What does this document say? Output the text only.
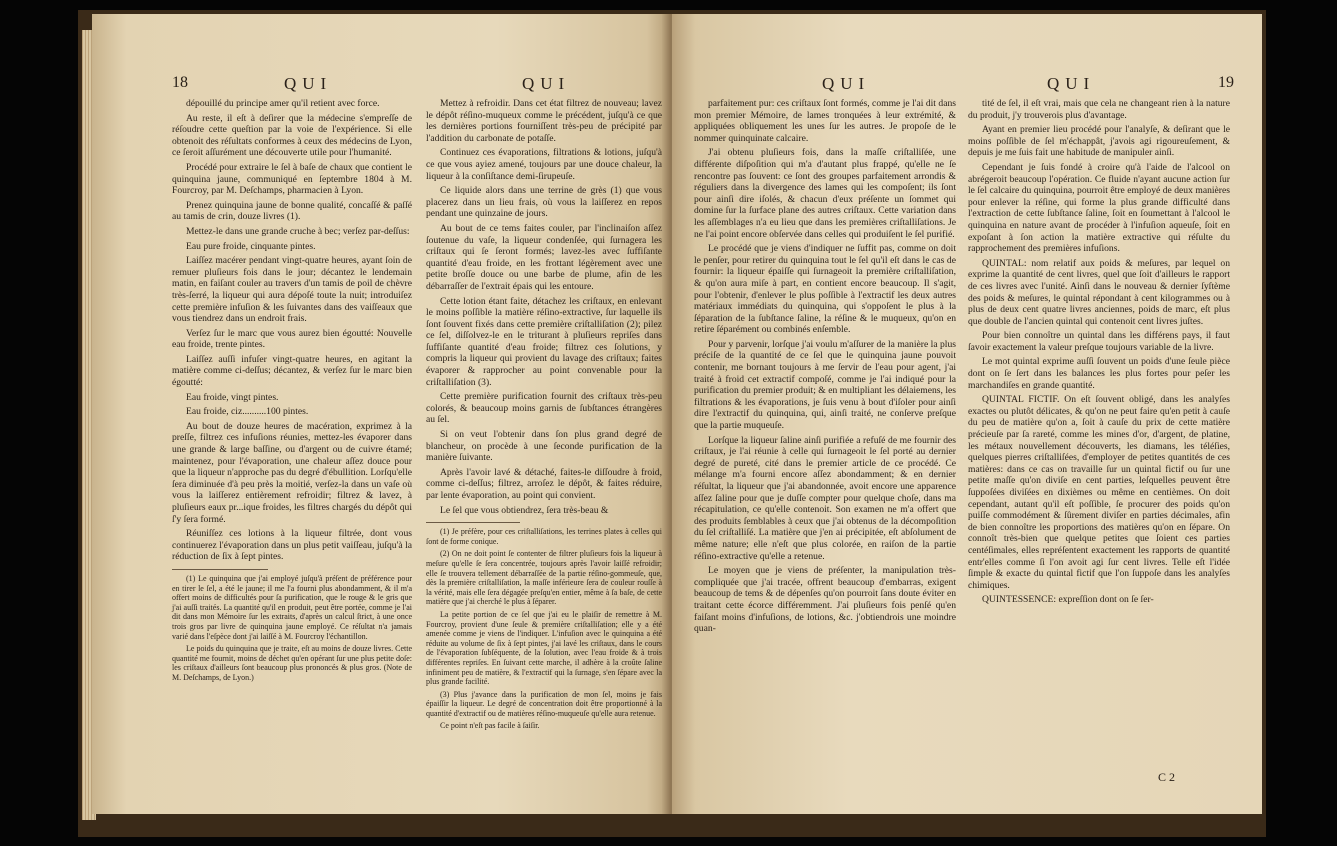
18	QUI	QUI

dépouillé du principe amer qu'il retient avec force.

Au reste, il eſt à deſirer que la médecine s'empreſſe de réſoudre cette queſtion par la voie de l'expérience. Si elle obtenoit des réſultats conformes à ceux des médecins de Lyon, ce ſeroit aſſurément une découverte utile pour l'humanité.

Procédé pour extraire le ſel à baſe de chaux que contient le quinquina jaune, communiqué en ſeptembre 1804 à M. Fourcroy, par M. Deſchamps, pharmacien à Lyon.

Prenez quinquina jaune de bonne qualité, concaſſé & paſſé au tamis de crin, douze livres (1).

Mettez-le dans une grande cruche à bec; verſez par-deſſus:

Eau pure froide, cinquante pintes.

Laiſſez macérer pendant vingt-quatre heures, ayant ſoin de remuer pluſieurs fois dans le jour; décantez le lendemain matin, en faiſant couler au travers d'un tamis de poil de chèvre très-ſerré, la liqueur qui aura dépoſé toute la nuit; introduiſez cette première infuſion & les ſuivantes dans des vaiſſeaux que vous tiendrez dans un endroit frais.

Verſez ſur le marc que vous aurez bien égoutté: Nouvelle eau froide, trente pintes.

Laiſſez auſſi infuſer vingt-quatre heures, en agitant la matière comme ci-deſſus; décantez, & verſez ſur le marc bien égoutté:

Eau froide, vingt pintes.

Eau froide, ciz..........100 pintes.

Au bout de douze heures de macération, exprimez à la preſſe, filtrez ces infuſions réunies, mettez-les évaporer dans une grande & large baſſine, ou d'argent ou de cuivre étamé; maintenez, pour l'évaporation, une chaleur aſſez douce pour que la liqueur n'approche pas du degré d'ébullition. Lorſqu'elle ſera diminuée d'à peu près la moitié, verſez-la dans un vaſe où vous la laiſſerez entièrement refroidir; filtrez & lavez, à pluſieurs eaux pr...ique froides, les filtres chargés du dépôt qui ſ'y ſera formé.

Réuniſſez ces lotions à la liqueur filtrée, dont vous continuerez l'évaporation dans un plus petit vaiſſeau, juſqu'à la réduction de ſix à ſept pintes.

(1) Le quinquina que j'ai employé juſqu'à préſent de préférence pour en tirer le ſel, a été le jaune; il me l'a fourni plus abondamment, & il m'a offert moins de difficultés pour ſa purification, que le rouge & le gris que j'ai auſſi traités. La quantité qu'il en produit, peut être portée, comme je l'ai dit dans mon Mémoire ſur les extraits, d'après un calcul ſtrict, à une once trois gros par livre de quinquina jaune employé. Ce réſultat n'a jamais varié dans l'eſpèce dont j'ai laiſſé à M. Fourcroy l'échantillon.

Le poids du quinquina que je traite, eſt au moins de douze livres. Cette quantité me fournit, moins de déchet qu'en opérant ſur une plus petite doſe: les criſtaux d'ailleurs ſont beaucoup plus prononcés & plus gros. (Note de M. Deſchamps, de Lyon.)

Mettez à refroidir. Dans cet état filtrez de nouveau; lavez le dépôt réſino-muqueux comme le précédent, juſqu'à ce que les dernières portions fourniſſent très-peu de précipité par l'addition du carbonate de potaſſe.

Continuez ces évaporations, filtrations & lotions, juſqu'à ce que vous ayiez amené, toujours par une douce chaleur, la liqueur à la conſiſtance demi-ſirupeuſe.

Ce liquide alors dans une terrine de grès (1) que vous placerez dans un lieu frais, où vous la laiſſerez en repos pendant une quinzaine de jours.

Au bout de ce tems faites couler, par l'inclinaiſon aſſez ſoutenue du vaſe, la liqueur condenſée, qui ſurnagera les criſtaux qui ſe ſeront formés; lavez-les avec ſuffiſante quantité d'eau froide, en les frottant légèrement avec une petite broſſe douce ou une barbe de plume, afin de les débarraſſer de l'extrait épais qui les entoure.

Cette lotion étant faite, détachez les criſtaux, en enlevant le moins poſſible la matière réſino-extractive, ſur laquelle ils ſont ſouvent fixés dans cette première criſtalliſation (2); pilez ce ſel, diſſolvez-le en le triturant à pluſieurs repriſes dans ſuffiſante quantité d'eau froide; filtrez ces ſolutions, y compris la liqueur qui provient du lavage des criſtaux; faites évaporer & rapprocher au point convenable pour la criſtalliſation (3).

Cette première purification fournit des criſtaux très-peu colorés, & beaucoup moins garnis de ſubſtances étrangères au ſel.

Si on veut l'obtenir dans ſon plus grand degré de blancheur, on procède à une ſeconde purification de la manière ſuivante.

Après l'avoir lavé & détaché, faites-le diſſoudre à froid, comme ci-deſſus; filtrez, arroſez le dépôt, & faites réduire, par lente évaporation, au point qui convient.

Le ſel que vous obtiendrez, ſera très-beau &

(1) Je préfère, pour ces criſtalliſations, les terrines plates à celles qui ſont de forme conique.

(2) On ne doit point ſe contenter de filtrer pluſieurs fois la liqueur à meſure qu'elle ſe ſera concentrée, toujours après l'avoir laiſſé refroidir; elle ſe trouvera tellement débarraſſée de la partie réſino-gommeuſe, que, dès la première criſtalliſation, la maſſe inférieure ſera de couleur rouſſe à la vérité, mais elle ſera dégagée preſqu'en entier, même à ſa baſe, de cette matière que j'ai cherché le plus à ſéparer.

La petite portion de ce ſel que j'ai eu le plaiſir de remettre à M. Fourcroy, provient d'une ſeule & première criſtalliſation; elle y a été amenée comme je viens de l'indiquer. L'infuſion avec le quinquina a été réduite au volume de ſix à ſept pintes, j'ai lavé les criſtaux, dans le cours de l'évaporation ſubſéquente, de la ſolution, avec l'eau froide & à trois différentes repriſes. En ſuivant cette marche, il adhère à la croûte ſaline infiniment peu de matière, & l'extractif qui la ſurnage, s'en ſépare avec la plus grande facilité.

(3) Plus j'avance dans la purification de mon ſel, moins je fais épaiſſir la liqueur. Le degré de concentration doit être proportionné à la quantité d'extractif ou de matières réſino-muqueuſe qu'elle aura retenue.

Ce point n'eſt pas facile à ſaiſir.

QUI	QUI	19

parfaitement pur: ces criſtaux ſont formés, comme je l'ai dit dans mon premier Mémoire, de lames tronquées à leur extrémité, & appliquées obliquement les unes ſur les autres. Je propoſe de le nommer quinquinate calcaire.

J'ai obtenu pluſieurs fois, dans la maſſe criſtalliſée, une différente diſpoſition qui m'a d'autant plus frappé, qu'elle ne ſe rencontre pas ſouvent: ce ſont des groupes parfaitement arrondis & réguliers dans la divergence des lames qui les compoſent; ils ſont pour ainſi dire iſolés, & chacun d'eux préſente un ſommet qui domine ſur la ſurface plane des autres criſtaux. Cette variation dans les aſſemblages n'a eu lieu que dans les premières criſtalliſations. Je ne l'ai point encore obſervée dans celles qui produiſent le ſel purifié.

Le procédé que je viens d'indiquer ne ſuffit pas, comme on doit le penſer, pour retirer du quinquina tout le ſel qu'il eſt dans le cas de fournir: la liqueur épaiſſe qui ſurnageoit la première criſtalliſation, & qu'on aura miſe à part, en contient encore beaucoup. Il s'agit, pour l'obtenir, d'enlever le plus poſſible à l'extractif les deux autres matériaux immédiats du quinquina, qui s'oppoſent le plus à la ſéparation de la ſubſtance ſaline, la réſine & le muqueux, qu'on en retire ſéparément ou combinés enſemble.

Pour y parvenir, lorſque j'ai voulu m'aſſurer de la manière la plus préciſe de la quantité de ce ſel que le quinquina jaune pouvoit contenir, me bornant toujours à me ſervir de l'eau pour agent, j'ai traité à froid cet extractif compoſé, comme je l'ai indiqué pour la purification du premier produit; & en multipliant les délaiemens, les filtrations & les évaporations, je ſuis venu à bout d'iſoler pour ainſi dire l'extractif du quinquina, qui, ainſi traité, ne conſerve preſque que la partie muqueuſe.

Lorſque la liqueur ſaline ainſi purifiée a refuſé de me fournir des criſtaux, je l'ai réunie à celle qui ſurnageoit le ſel porté au dernier degré de pureté, cité dans le premier article de ce procédé. Ce mélange m'a fourni encore aſſez abondamment; & en dernier réſultat, la liqueur que j'ai abandonnée, avoit encore une apparence aſſez ſaline pour que je duſſe compter pour quelque choſe, dans ma récapitulation, ce qu'elle contenoit. Son examen ne m'a offert que des produits ſemblables à ceux que j'ai obtenus de la décompoſition du ſel criſtalliſé. La matière que j'en ai précipitée, eſt abſolument de même nature; elle n'eſt que plus colorée, en raiſon de la partie réſino-extractive qu'elle a retenue.

Le moyen que je viens de préſenter, la manipulation très-compliquée que j'ai tracée, offrent beaucoup d'embarras, exigent beaucoup de tems & de dépenſes qu'on pourroit ſans doute éviter en traitant cette écorce différemment. J'ai pluſieurs fois penſé qu'en faiſant moins d'infuſions, de lotions, &c. j'obtiendrois une moindre quan-

tité de ſel, il eſt vrai, mais que cela ne changeant rien à la nature du produit, j'y trouverois plus d'avantage.

Ayant en premier lieu procédé pour l'analyſe, & deſirant que le moins poſſible de ſel m'échappât, j'avois agi rigoureuſement, & depuis je me ſuis fait une habitude de manipuler ainſi.

Cependant je ſuis fondé à croire qu'à l'aide de l'alcool on abrégeroit beaucoup l'opération. Ce fluide n'ayant aucune action ſur le ſel calcaire du quinquina, pourroit être employé de deux manières pour enlever la réſine, qui forme la plus grande difficulté dans l'extraction de cette ſubſtance ſaline, ſoit en ſoumettant à l'alcool le quinquina en nature avant de procéder à l'infuſion aqueuſe, ſoit en expoſant à ſon action la matière extractive qui réſulte du rapprochement des premières infuſions.

QUINTAL: nom relatif aux poids & meſures, par lequel on exprime la quantité de cent livres, quel que ſoit d'ailleurs le rapport de ces livres avec l'unité. Ainſi dans le nouveau & dernier ſyſtème des poids & meſures, le quintal répondant à cent kilogrammes ou à plus de deux cent quatre livres anciennes, poids de marc, eſt plus que double de l'ancien quintal qui contenoit cent livres juſtes.

Pour bien connoître un quintal dans les différens pays, il faut ſavoir exactement la valeur preſque toujours variable de la livre.

Le mot quintal exprime auſſi ſouvent un poids d'une ſeule pièce dont on ſe ſert dans les balances les plus fortes pour peſer les marchandiſes en grande quantité.

QUINTAL FICTIF. On eſt ſouvent obligé, dans les analyſes exactes ou plutôt délicates, & qu'on ne peut faire qu'en petit à cauſe du peu de matière qu'on a, ſoit à cauſe du prix de cette matière précieuſe par ſa rareté, comme les mines d'or, d'argent, de platine, les métaux nouvellement découverts, les diamans, les téléſies, quelques pierres criſtalliſées, d'employer de petites quantités de ces matières: dans ce cas on travaille ſur un quintal fictif ou ſur une petite maſſe qu'on diviſe en cent parties, leſquelles peuvent être ſuppoſées diviſées en dixièmes ou même en centièmes. On doit cependant, autant qu'il eſt poſſible, ſe procurer des poids qu'on puiſſe commodément & ſûrement diviſer en parties décimales, afin de bien connoître les proportions des matières qu'on en ſépare. On connoît très-bien que quelque petites que ſoient ces parties centéſimales, elles repréſentent exactement les rapports de quantité entr'elles comme ſi l'on avoit agi ſur cent livres. Telle eſt l'idée ſimple & exacte du quintal fictif que l'on ſuppoſe dans les analyſes chimiques.

QUINTESSENCE: expreſſion dont on ſe ſer-

C 2
